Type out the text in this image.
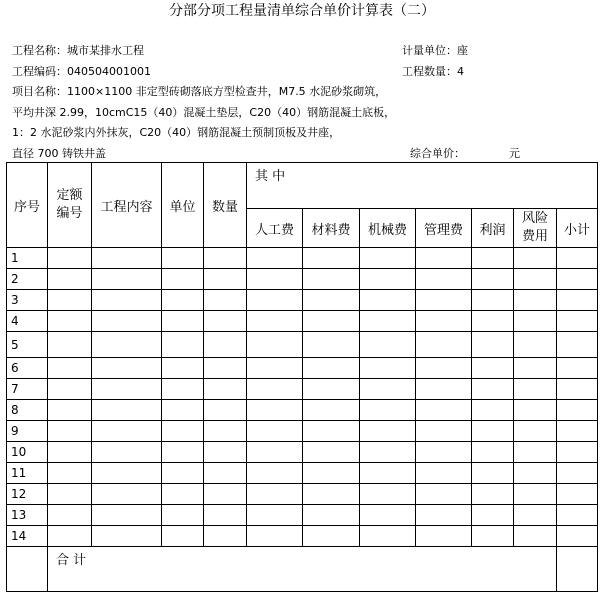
分部分项工程量清单综合单价计算表（二）
工程名称：城市某排水工程	计量单位：座
工程编码：040504001001	工程数量：4
项目名称：1100×1100 非定型砖砌落底方型检查井，M7.5 水泥砂浆砌筑，
平均井深 2.99，10cmC15（40）混凝土垫层，C20（40）钢筋混凝土底板，
1：2 水泥砂浆内外抹灰，C20（40）钢筋混凝土预制顶板及井座，
直径 700 铸铁井盖	综合单价：	元
序号	定额
编号	工程内容	单位	数量	其 中						
					人工费	材料费	机械费	管理费	利润	风险
费用	小计
1											
2											
3											
4											
5											
6											
7											
8											
9											
10											
11											
12											
13											
14											
	合 计										
